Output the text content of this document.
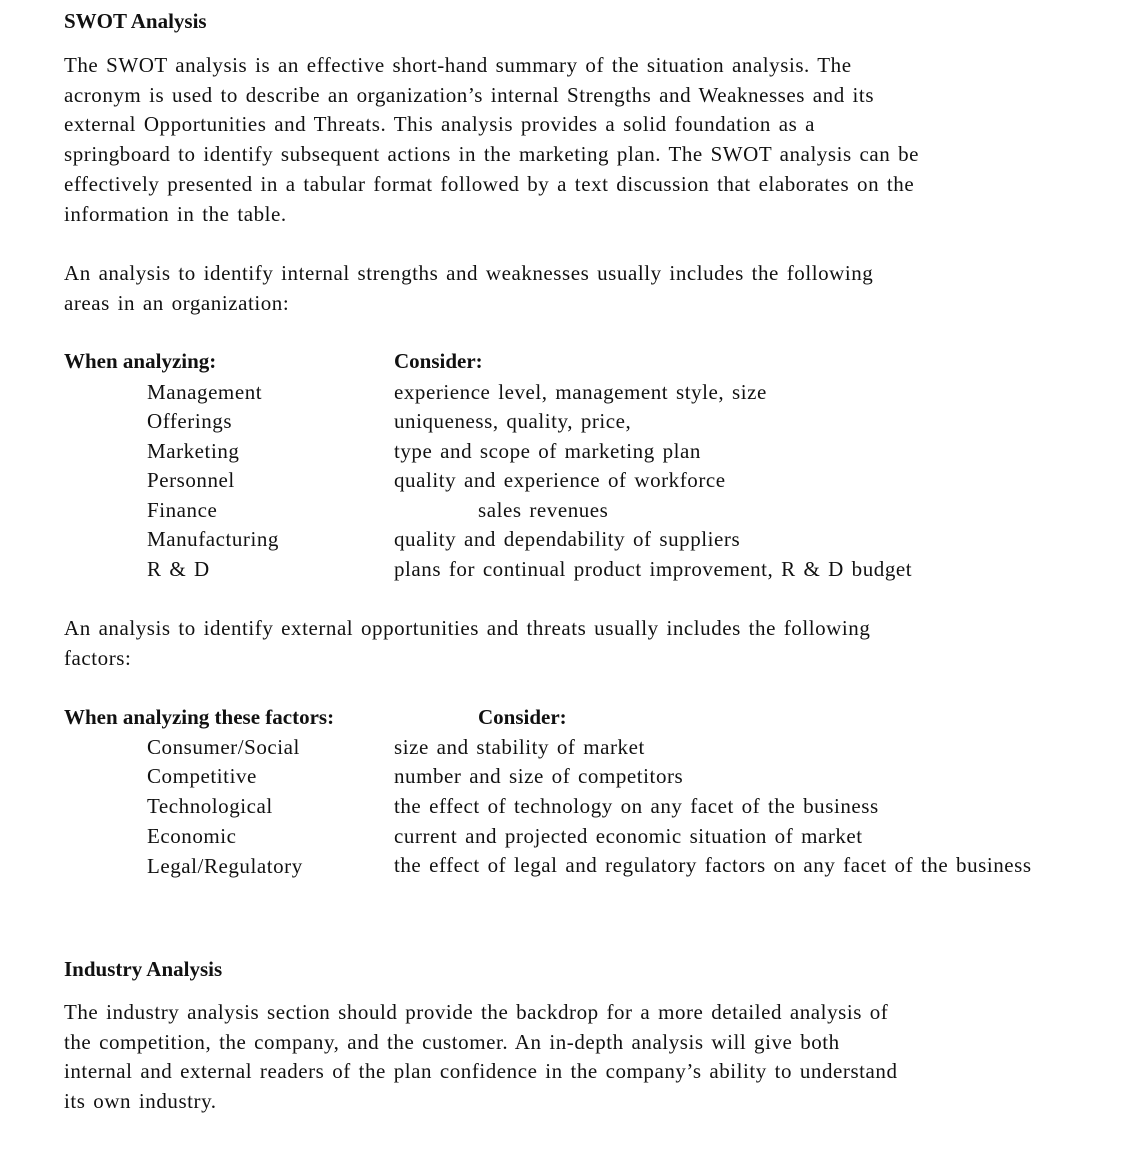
SWOT Analysis
The SWOT analysis is an effective short-hand summary of the situation analysis. The
acronym is used to describe an organization’s internal Strengths and Weaknesses and its
external Opportunities and Threats. This analysis provides a solid foundation as a
springboard to identify subsequent actions in the marketing plan. The SWOT analysis can be
effectively presented in a tabular format followed by a text discussion that elaborates on the
information in the table.
An analysis to identify internal strengths and weaknesses usually includes the following
areas in an organization:
When analyzing:	Consider:
Management	experience level, management style, size
Offerings	uniqueness, quality, price,
Marketing	type and scope of marketing plan
Personnel	quality and experience of workforce
Finance	sales revenues
Manufacturing	quality and dependability of suppliers
R & D	plans for continual product improvement, R & D budget
An analysis to identify external opportunities and threats usually includes the following
factors:
When analyzing these factors:	Consider:
Consumer/Social	size and stability of market
Competitive	number and size of competitors
Technological	the effect of technology on any facet of the business
Economic	current and projected economic situation of market
Legal/Regulatory	the effect of legal and regulatory factors on any facet of the business
Industry Analysis
The industry analysis section should provide the backdrop for a more detailed analysis of
the competition, the company, and the customer. An in-depth analysis will give both
internal and external readers of the plan confidence in the company’s ability to understand
its own industry.
